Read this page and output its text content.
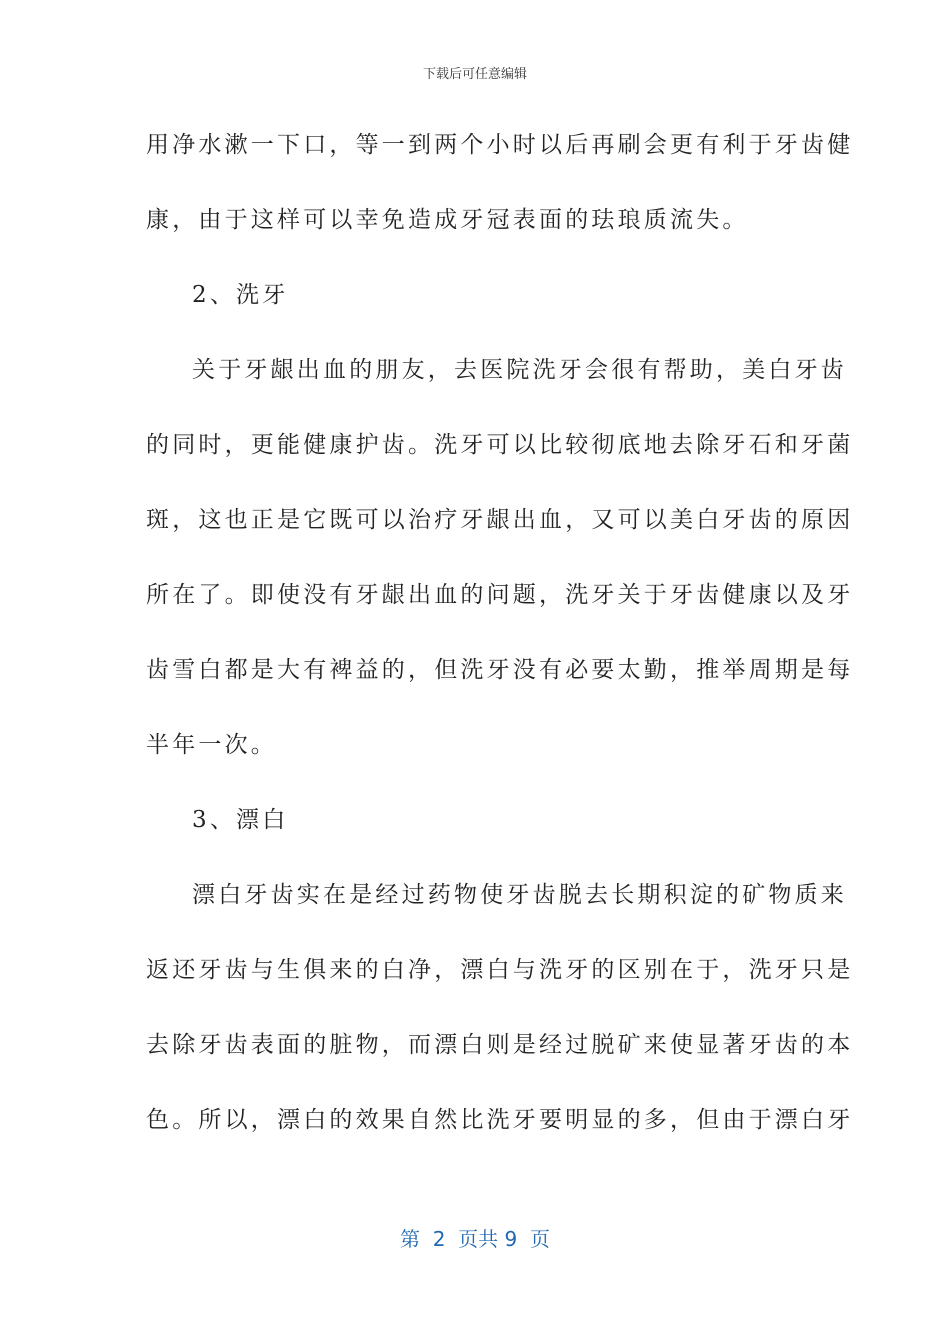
下载后可任意编辑

用净水漱一下口，等一到两个小时以后再刷会更有利于牙齿健

康，由于这样可以幸免造成牙冠表面的珐琅质流失。

2、洗牙

关于牙龈出血的朋友，去医院洗牙会很有帮助，美白牙齿

的同时，更能健康护齿。洗牙可以比较彻底地去除牙石和牙菌

斑，这也正是它既可以治疗牙龈出血，又可以美白牙齿的原因

所在了。即使没有牙龈出血的问题，洗牙关于牙齿健康以及牙

齿雪白都是大有裨益的，但洗牙没有必要太勤，推举周期是每

半年一次。

3、漂白

漂白牙齿实在是经过药物使牙齿脱去长期积淀的矿物质来

返还牙齿与生俱来的白净，漂白与洗牙的区别在于，洗牙只是

去除牙齿表面的脏物，而漂白则是经过脱矿来使显著牙齿的本

色。所以，漂白的效果自然比洗牙要明显的多，但由于漂白牙

第 2 页共 9 页
